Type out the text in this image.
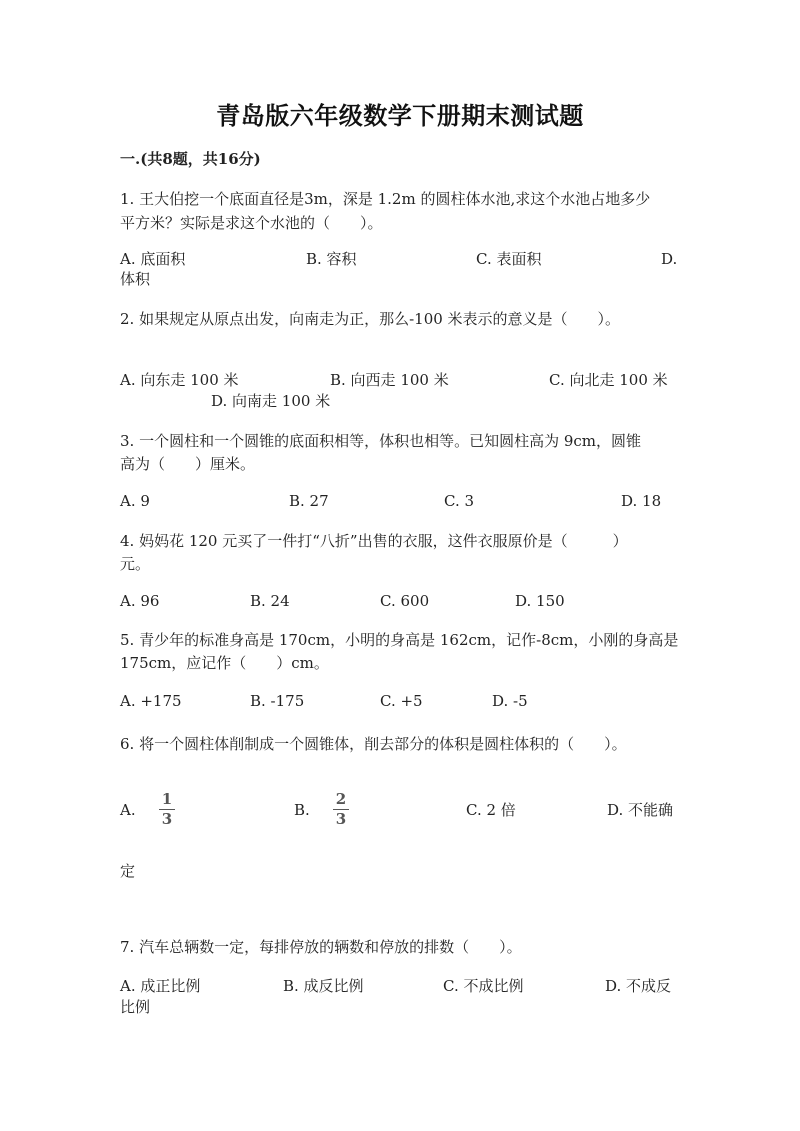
青岛版六年级数学下册期末测试题
一.(共8题，共16分)
1. 王大伯挖一个底面直径是3m，深是 1.2m 的圆柱体水池,求这个水池占地多少
平方米？实际是求这个水池的（　　）。
A. 底面积	B. 容积	C. 表面积	D.
体积
2. 如果规定从原点出发，向南走为正，那么-100 米表示的意义是（　　）。
A. 向东走 100 米	B. 向西走 100 米	C. 向北走 100 米
D. 向南走 100 米
3. 一个圆柱和一个圆锥的底面积相等，体积也相等。已知圆柱高为 9cm，圆锥
高为（　　）厘米。
A. 9	B. 27	C. 3	D. 18
4. 妈妈花 120 元买了一件打“八折”出售的衣服，这件衣服原价是（　　　）
元。
A. 96	B. 24	C. 600	D. 150
5. 青少年的标准身高是 170cm，小明的身高是 162cm，记作-8cm，小刚的身高是
175cm，应记作（　　）cm。
A. +175	B. -175	C. +5	D. -5
6. 将一个圆柱体削制成一个圆锥体，削去部分的体积是圆柱体积的（　　）。
A.
1
3	B.
2
3	C. 2 倍	D. 不能确
定
7. 汽车总辆数一定，每排停放的辆数和停放的排数（　　）。
A. 成正比例	B. 成反比例	C. 不成比例	D. 不成反
比例
